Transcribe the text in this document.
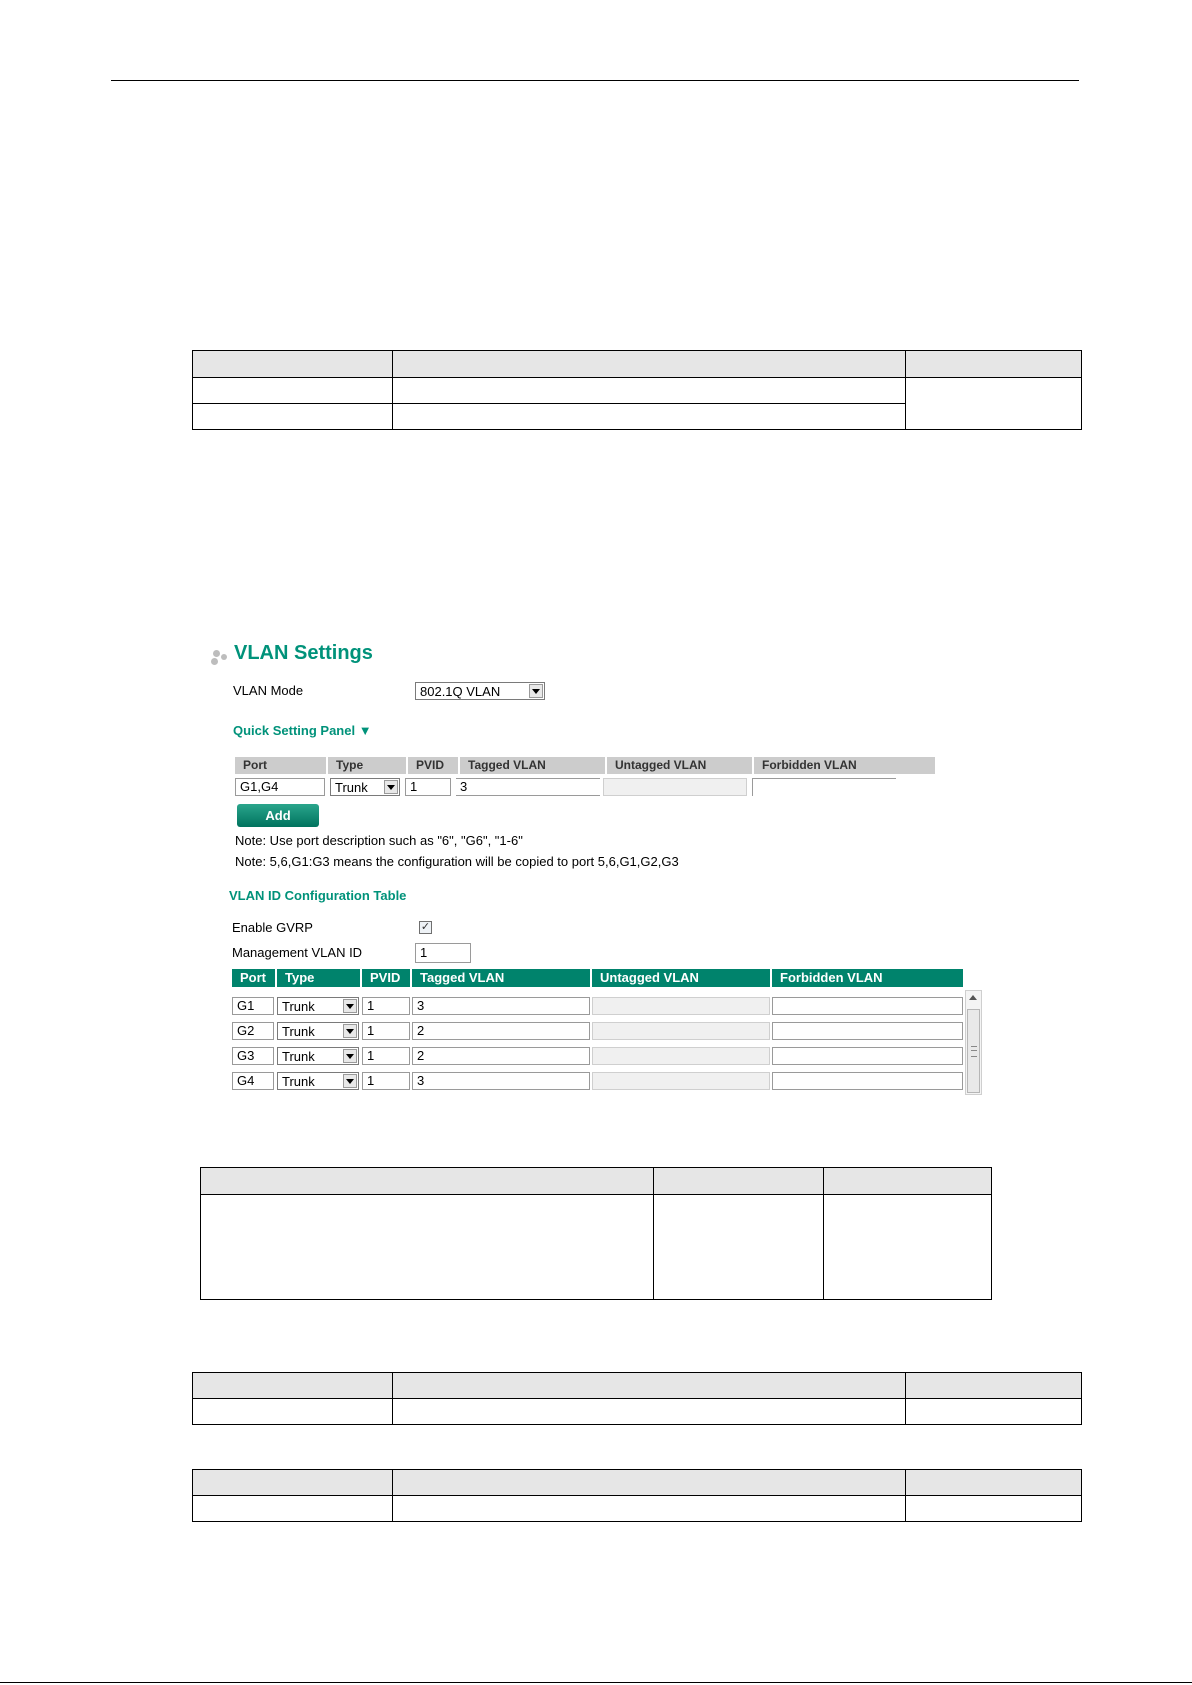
VLAN Settings
VLAN Mode	802.1Q VLAN
Quick Setting Panel ▼
Port	Type	PVID	Tagged VLAN	Untagged VLAN	Forbidden VLAN
G1,G4	Trunk	1	3
Add
Note: Use port description such as "6", "G6", "1-6"
Note: 5,6,G1:G3 means the configuration will be copied to port 5,6,G1,G2,G3
VLAN ID Configuration Table
Enable GVRP	✓
Management VLAN ID	1
Port	Type	PVID	Tagged VLAN	Untagged VLAN	Forbidden VLAN
G1	Trunk	1	3
G2	Trunk	1	2
G3	Trunk	1	2
G4	Trunk	1	3
